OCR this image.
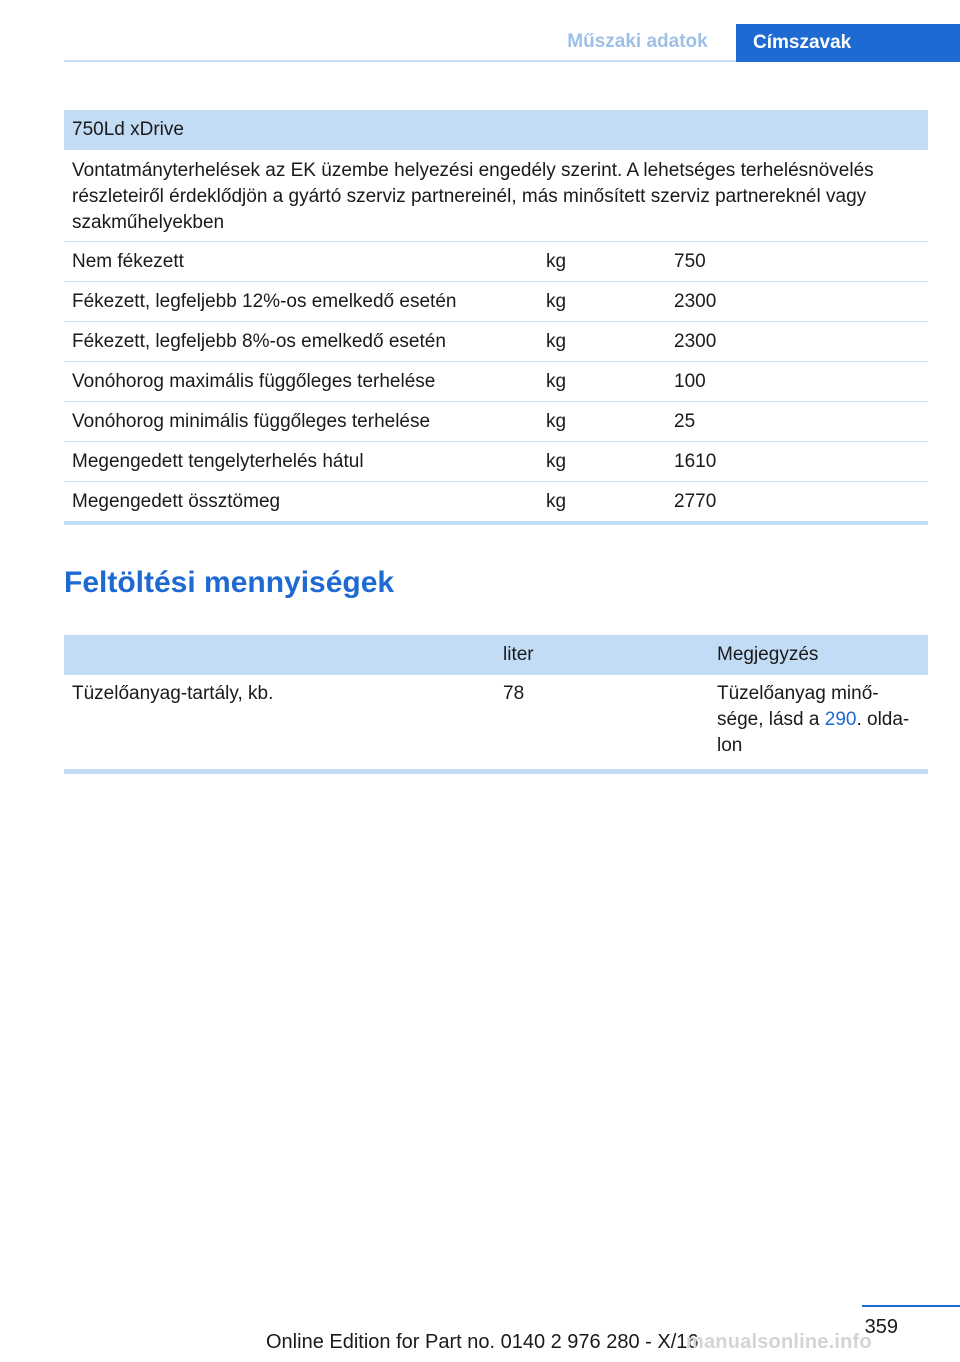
Műszaki adatok	Címszavak
750Ld xDrive		
Vontatmányterhelések az EK üzembe helyezési engedély szerint. A lehetséges terhelésnövelés részleteiről érdeklődjön a gyártó szerviz partnereinél, más minősített szerviz partnereknél vagy szakműhelyekben		
Nem fékezett	kg	750
Fékezett, legfeljebb 12%-os emelkedő esetén	kg	2300
Fékezett, legfeljebb 8%-os emelkedő esetén	kg	2300
Vonóhorog maximális függőleges terhelése	kg	100
Vonóhorog minimális függőleges terhelése	kg	25
Megengedett tengelyterhelés hátul	kg	1610
Megengedett össztömeg	kg	2770
Feltöltési mennyiségek
	liter	Megjegyzés
Tüzelőanyag-tartály, kb.	78	Tüzelőanyag minő-
sége, lásd a 290. olda-
lon
359
Online Edition for Part no. 0140 2 976 280 - X/16
manualsonline.info
